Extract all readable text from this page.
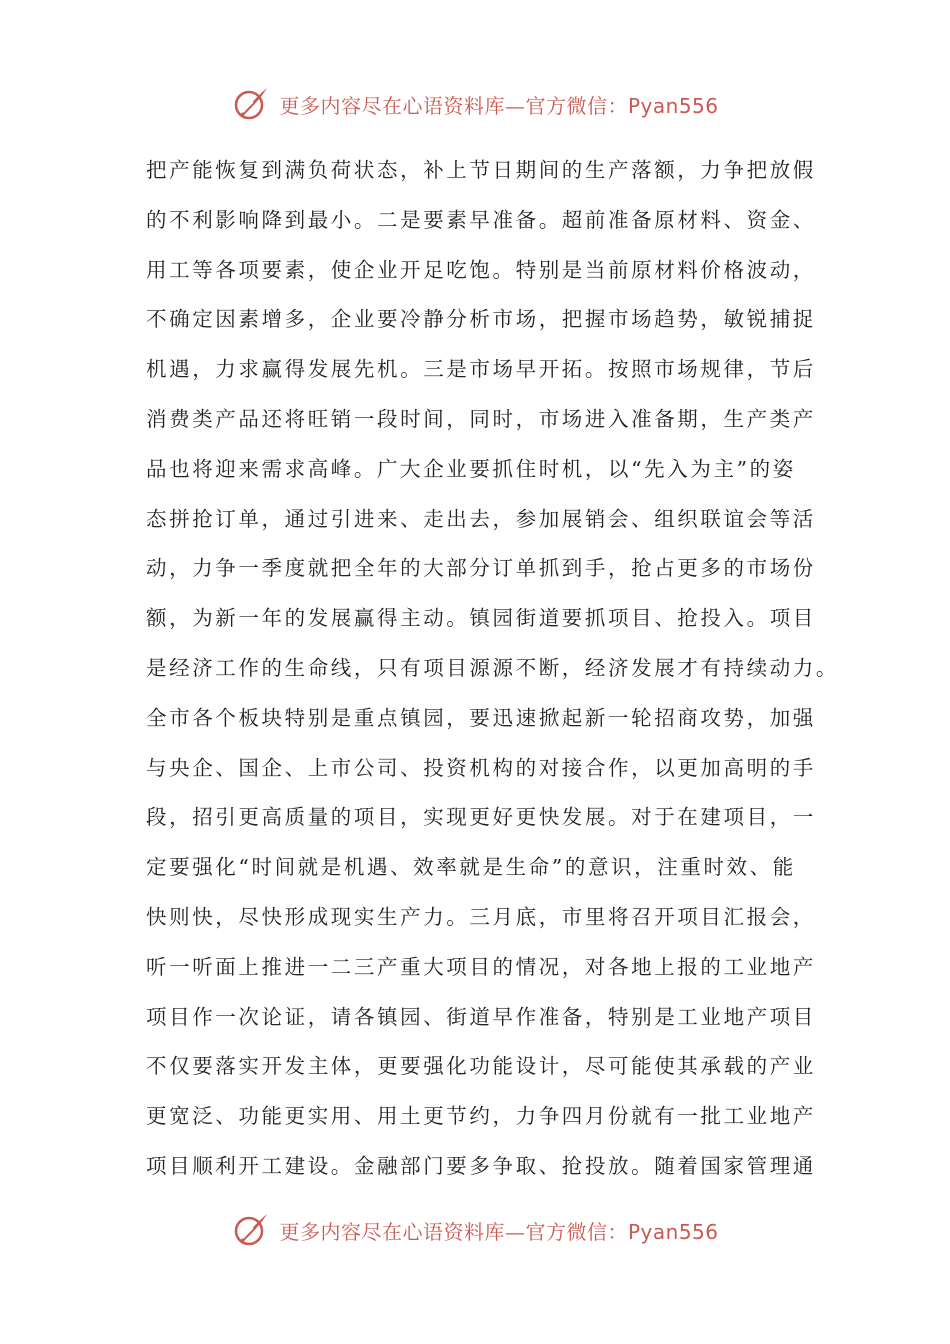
更多内容尽在心语资料库—官方微信：Pyan556
把产能恢复到满负荷状态，补上节日期间的生产落额，力争把放假
的不利影响降到最小。二是要素早准备。超前准备原材料、资金、
用工等各项要素，使企业开足吃饱。特别是当前原材料价格波动，
不确定因素增多，企业要冷静分析市场，把握市场趋势，敏锐捕捉
机遇，力求赢得发展先机。三是市场早开拓。按照市场规律，节后
消费类产品还将旺销一段时间，同时，市场进入准备期，生产类产
品也将迎来需求高峰。广大企业要抓住时机，以“先入为主”的姿
态拼抢订单，通过引进来、走出去，参加展销会、组织联谊会等活
动，力争一季度就把全年的大部分订单抓到手，抢占更多的市场份
额，为新一年的发展赢得主动。镇园街道要抓项目、抢投入。项目
是经济工作的生命线，只有项目源源不断，经济发展才有持续动力。
全市各个板块特别是重点镇园，要迅速掀起新一轮招商攻势，加强
与央企、国企、上市公司、投资机构的对接合作，以更加高明的手
段，招引更高质量的项目，实现更好更快发展。对于在建项目，一
定要强化“时间就是机遇、效率就是生命”的意识，注重时效、能
快则快，尽快形成现实生产力。三月底，市里将召开项目汇报会，
听一听面上推进一二三产重大项目的情况，对各地上报的工业地产
项目作一次论证，请各镇园、街道早作准备，特别是工业地产项目
不仅要落实开发主体，更要强化功能设计，尽可能使其承载的产业
更宽泛、功能更实用、用土更节约，力争四月份就有一批工业地产
项目顺利开工建设。金融部门要多争取、抢投放。随着国家管理通
更多内容尽在心语资料库—官方微信：Pyan556
